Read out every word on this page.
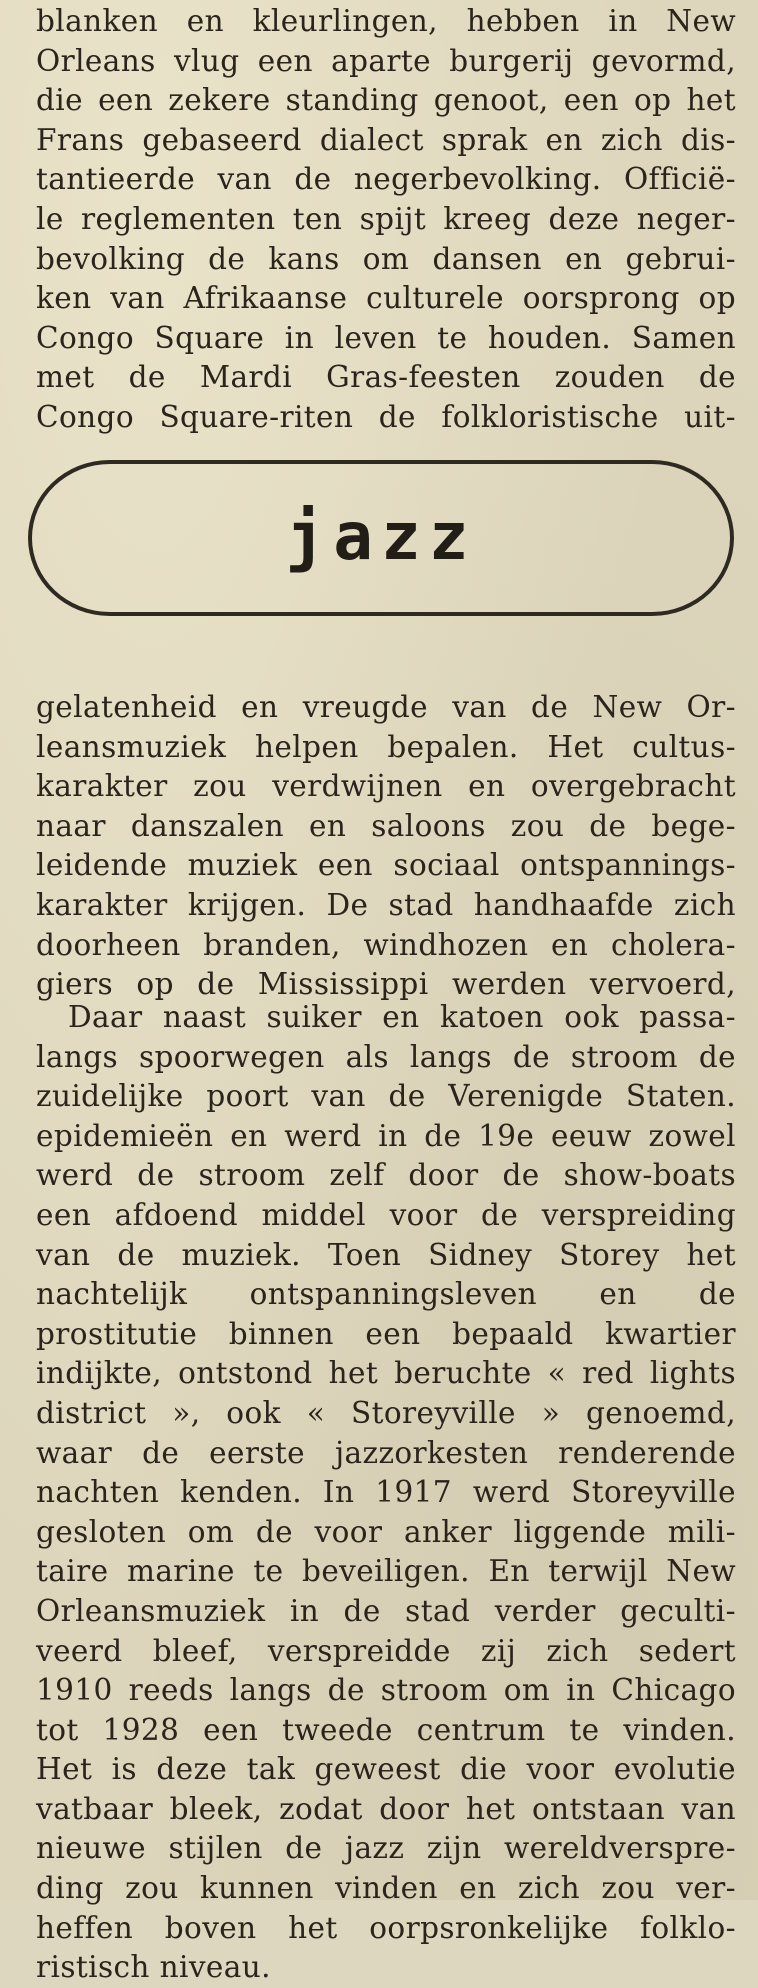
blanken en kleurlingen, hebben in New
Orleans vlug een aparte burgerij gevormd,
die een zekere standing genoot, een op het
Frans gebaseerd dialect sprak en zich dis-
tantieerde van de negerbevolking. Officië-
le reglementen ten spijt kreeg deze neger-
bevolking de kans om dansen en gebrui-
ken van Afrikaanse culturele oorsprong op
Congo Square in leven te houden. Samen
met de Mardi Gras-feesten zouden de
Congo Square-riten de folkloristische uit-
jazz
gelatenheid en vreugde van de New Or-
leansmuziek helpen bepalen. Het cultus-
karakter zou verdwijnen en overgebracht
naar danszalen en saloons zou de bege-
leidende muziek een sociaal ontspannings-
karakter krijgen. De stad handhaafde zich
doorheen branden, windhozen en cholera-
giers op de Mississippi werden vervoerd,
Daar naast suiker en katoen ook passa-
langs spoorwegen als langs de stroom de
zuidelijke poort van de Verenigde Staten.
epidemieën en werd in de 19e eeuw zowel
werd de stroom zelf door de show-boats
een afdoend middel voor de verspreiding
van de muziek. Toen Sidney Storey het
nachtelijk ontspanningsleven en de
prostitutie binnen een bepaald kwartier
indijkte, ontstond het beruchte « red lights
district », ook « Storeyville » genoemd,
waar de eerste jazzorkesten renderende
nachten kenden. In 1917 werd Storeyville
gesloten om de voor anker liggende mili-
taire marine te beveiligen. En terwijl New
Orleansmuziek in de stad verder geculti-
veerd bleef, verspreidde zij zich sedert
1910 reeds langs de stroom om in Chicago
tot 1928 een tweede centrum te vinden.
Het is deze tak geweest die voor evolutie
vatbaar bleek, zodat door het ontstaan van
nieuwe stijlen de jazz zijn wereldverspre-
ding zou kunnen vinden en zich zou ver-
heffen boven het oorpsronkelijke folklo-
ristisch niveau.
